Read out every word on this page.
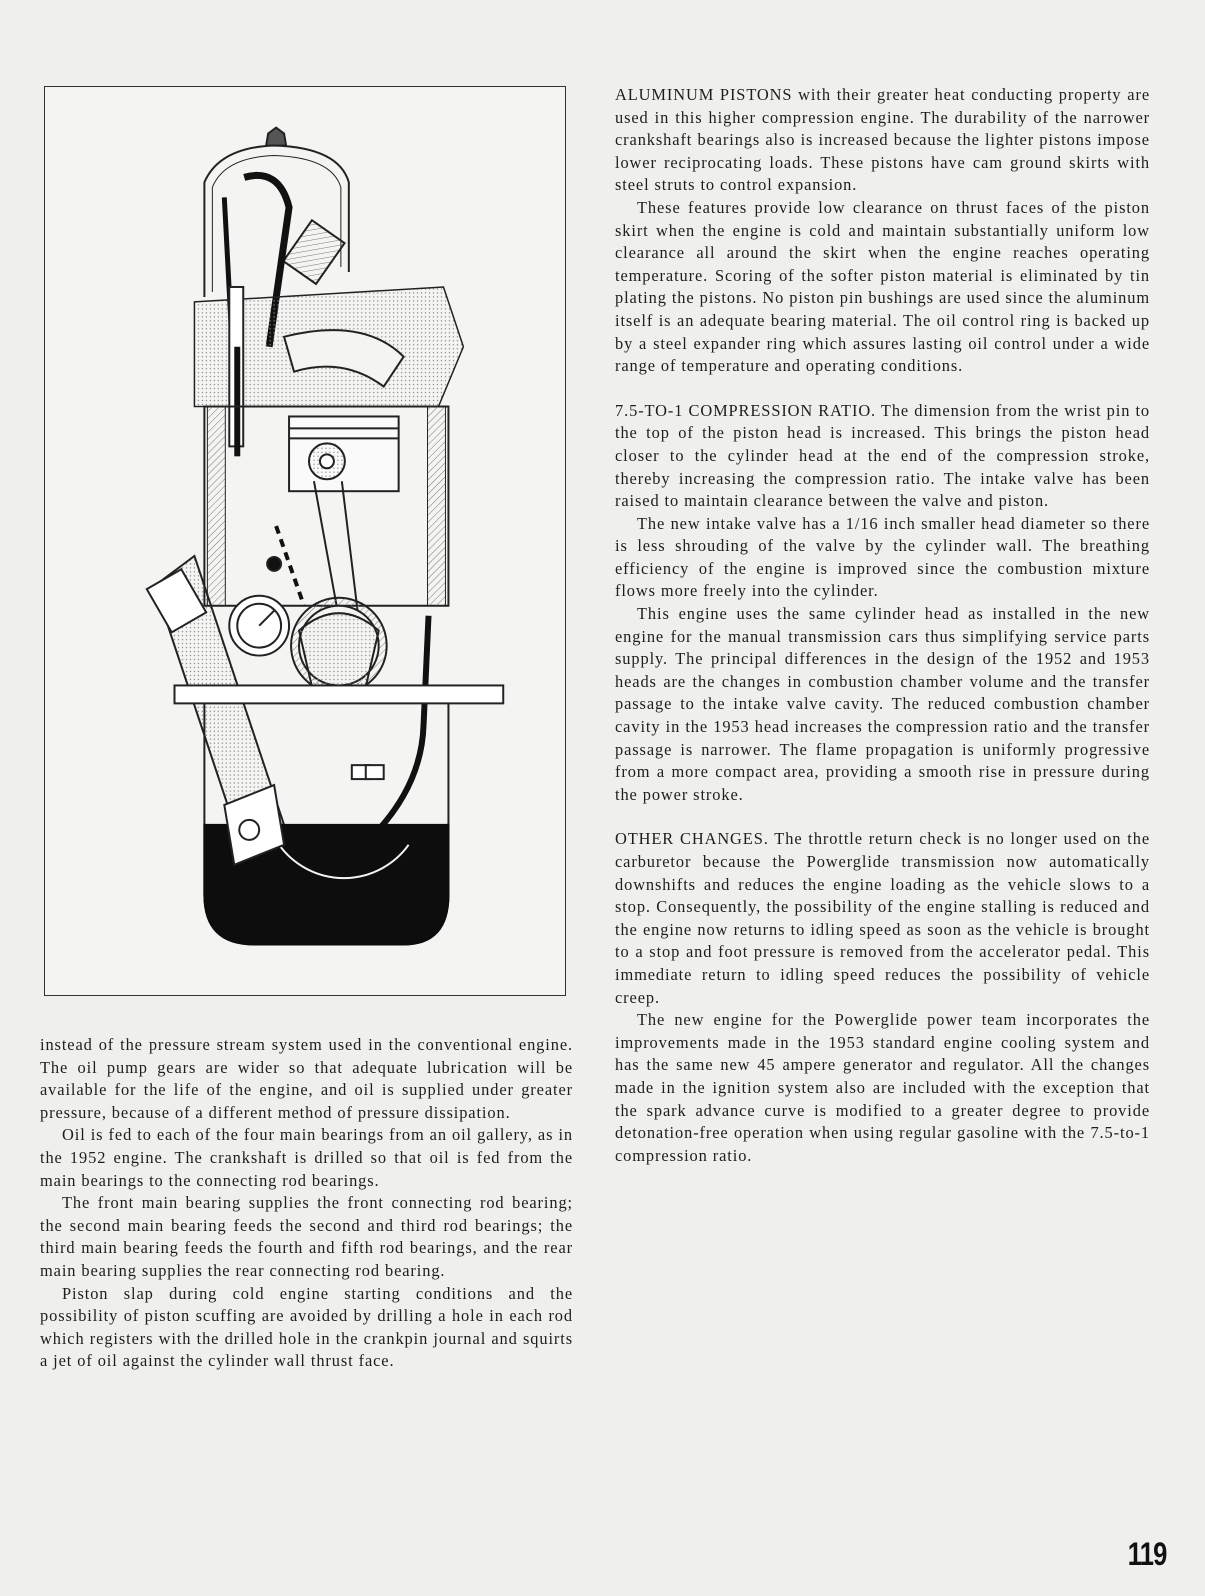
instead of the pressure stream system used in the conventional engine. The oil pump gears are wider so that adequate lubrication will be available for the life of the engine, and oil is supplied under greater pressure, because of a different method of pressure dissipation.

Oil is fed to each of the four main bearings from an oil gallery, as in the 1952 engine. The crankshaft is drilled so that oil is fed from the main bearings to the connecting rod bearings.

The front main bearing supplies the front connecting rod bearing; the second main bearing feeds the second and third rod bearings; the third main bearing feeds the fourth and fifth rod bearings, and the rear main bearing supplies the rear connecting rod bearing.

Piston slap during cold engine starting conditions and the possibility of piston scuffing are avoided by drilling a hole in each rod which registers with the drilled hole in the crankpin journal and squirts a jet of oil against the cylinder wall thrust face.

ALUMINUM PISTONS with their greater heat conducting property are used in this higher compression engine. The durability of the narrower crankshaft bearings also is increased because the lighter pistons impose lower reciprocating loads. These pistons have cam ground skirts with steel struts to control expansion.

These features provide low clearance on thrust faces of the piston skirt when the engine is cold and maintain substantially uniform low clearance all around the skirt when the engine reaches operating temperature. Scoring of the softer piston material is eliminated by tin plating the pistons. No piston pin bushings are used since the aluminum itself is an adequate bearing material. The oil control ring is backed up by a steel expander ring which assures lasting oil control under a wide range of temperature and operating conditions.

7.5-TO-1 COMPRESSION RATIO. The dimension from the wrist pin to the top of the piston head is increased. This brings the piston head closer to the cylinder head at the end of the compression stroke, thereby increasing the compression ratio. The intake valve has been raised to maintain clearance between the valve and piston.

The new intake valve has a 1/16 inch smaller head diameter so there is less shrouding of the valve by the cylinder wall. The breathing efficiency of the engine is improved since the combustion mixture flows more freely into the cylinder.

This engine uses the same cylinder head as installed in the new engine for the manual transmission cars thus simplifying service parts supply. The principal differences in the design of the 1952 and 1953 heads are the changes in combustion chamber volume and the transfer passage to the intake valve cavity. The reduced combustion chamber cavity in the 1953 head increases the compression ratio and the transfer passage is narrower. The flame propagation is uniformly progressive from a more compact area, providing a smooth rise in pressure during the power stroke.

OTHER CHANGES. The throttle return check is no longer used on the carburetor because the Powerglide transmission now automatically downshifts and reduces the engine loading as the vehicle slows to a stop. Consequently, the possibility of the engine stalling is reduced and the engine now returns to idling speed as soon as the vehicle is brought to a stop and foot pressure is removed from the accelerator pedal. This immediate return to idling speed reduces the possibility of vehicle creep.

The new engine for the Powerglide power team incorporates the improvements made in the 1953 standard engine cooling system and has the same new 45 ampere generator and regulator. All the changes made in the ignition system also are included with the exception that the spark advance curve is modified to a greater degree to provide detonation-free operation when using regular gasoline with the 7.5-to-1 compression ratio.

119
